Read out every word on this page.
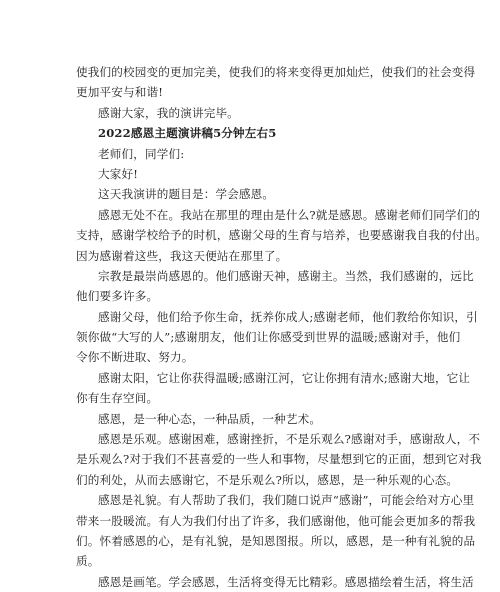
使我们的校园变的更加完美，使我们的将来变得更加灿烂，使我们的社会变得
更加平安与和谐!
感谢大家，我的演讲完毕。
2022感恩主题演讲稿5分钟左右5
老师们，同学们:
大家好!
这天我演讲的题目是：学会感恩。
感恩无处不在。我站在那里的理由是什么?就是感恩。感谢老师们同学们的
支持，感谢学校给予的时机，感谢父母的生育与培养，也要感谢我自我的付出。
因为感谢着这些，我这天便站在那里了。
宗教是最崇尚感恩的。他们感谢天神，感谢主。当然，我们感谢的，远比
他们要多许多。
感谢父母，他们给予你生命，抚养你成人;感谢老师，他们教给你知识，引
领你做“大写的人”;感谢朋友，他们让你感受到世界的温暖;感谢对手，他们
令你不断进取、努力。
感谢太阳，它让你获得温暖;感谢江河，它让你拥有清水;感谢大地，它让
你有生存空间。
感恩，是一种心态，一种品质，一种艺术。
感恩是乐观。感谢困难，感谢挫折，不是乐观么?感谢对手，感谢敌人，不
是乐观么?对于我们不甚喜爱的一些人和事物，尽量想到它的正面，想到它对我
们的利处，从而去感谢它，不是乐观么?所以，感恩，是一种乐观的心态。
感恩是礼貌。有人帮助了我们，我们随口说声“感谢”，可能会给对方心里
带来一股暖流。有人为我们付出了许多，我们感谢他，他可能会更加多的帮我
们。怀着感恩的心，是有礼貌，是知恩图报。所以，感恩，是一种有礼貌的品
质。
感恩是画笔。学会感恩，生活将变得无比精彩。感恩描绘着生活，将生活
